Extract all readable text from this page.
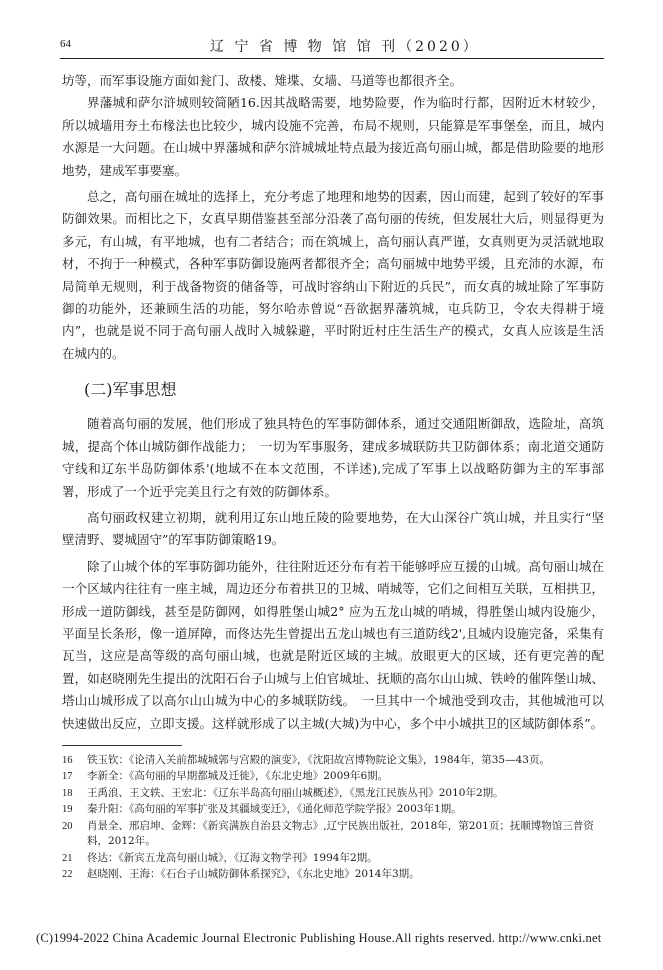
64	辽 宁 省 博 物 馆 馆 刊（2020）

坊等，而军事设施方面如瓮门、敌楼、雉堞、女墙、马道等也都很齐全。

界藩城和萨尔浒城则较简陋16.因其战略需要，地势险要，作为临时行都，因附近木材较少，所以城墙用夯土布椽法也比较少，城内设施不完善，布局不规则，只能算是军事堡垒，而且，城内水源是一大问题。在山城中界藩城和萨尔浒城城址特点最为接近高句丽山城，都是借助险要的地形地势，建成军事要塞。

总之，高句丽在城址的选择上，充分考虑了地理和地势的因素，因山而建，起到了较好的军事防御效果。而相比之下，女真早期借鉴甚至部分沿袭了高句丽的传统，但发展壮大后，则显得更为多元，有山城，有平地城，也有二者结合；而在筑城上，高句丽认真严谨，女真则更为灵活就地取材，不拘于一种模式，各种军事防御设施两者都很齐全；高句丽城中地势平缓，且充沛的水源，布局简单无规则，利于战备物资的储备等，可战时容纳山下附近的兵民”，而女真的城址除了军事防御的功能外，还兼顾生活的功能，努尔哈赤曾说“吾欲据界藩筑城，屯兵防卫，令农夫得耕于境内”，也就是说不同于高句丽人战时入城躲避，平时附近村庄生活生产的模式，女真人应该是生活在城内的。

(二)军事思想

随着高句丽的发展，他们形成了独具特色的军事防御体系，通过交通阻断御敌，选险址，高筑城，提高个体山城防御作战能力；　一切为军事服务，建成多城联防共卫防御体系；南北道交通防守线和辽东半岛防御体系'(地域不在本文范围，不详述),完成了军事上以战略防御为主的军事部署，形成了一个近乎完美且行之有效的防御体系。

高句丽政权建立初期，就利用辽东山地丘陵的险要地势，在大山深谷广筑山城，并且实行“坚壁清野、婴城固守”的军事防御策略19。

除了山城个体的军事防御功能外，往往附近还分布有若干能够呼应互援的山城。高句丽山城在一个区域内往往有一座主城，周边还分布着拱卫的卫城、哨城等，它们之间相互关联，互相拱卫，形成一道防御线，甚至是防御网，如得胜堡山城2° 应为五龙山城的哨城，得胜堡山城内设施少，平面呈长条形，像一道屏障，而佟达先生曾提出五龙山城也有三道防线2',且城内设施完备，采集有瓦当，这应是高等级的高句丽山城，也就是附近区域的主城。放眼更大的区域，还有更完善的配置，如赵晓刚先生提出的沈阳石台子山城与上伯官城址、抚顺的高尔山山城、铁岭的催阵堡山城、塔山山城形成了以高尔山山城为中心的多城联防线。　一旦其中一个城池受到攻击，其他城池可以快速做出反应，立即支援。这样就形成了以主城(大城)为中心，多个中小城拱卫的区域防御体系”。

16	铁玉钦：《论清入关前都城城郭与宫殿的演变》，《沈阳故宫博物院论文集》，1984年，第35—43页。
17	李新全：《高句丽的早期都城及迁徙》，《东北史地》2009年6期。
18	王禹浪、王文轶、王宏北：《辽东半岛高句丽山城概述》，《黑龙江民族丛刊》2010年2期。
19	秦升阳：《高句丽的军事扩张及其疆域变迁》，《通化师范学院学报》2003年1期。
20	肖景全、邢启坤、金辉：《新宾满族自治县文物志》,辽宁民族出版社，2018年，第201页；抚顺博物馆三普资料，2012年。
21	佟达：《新宾五龙高句丽山城》，《辽海文物学刊》1994年2期。
22	赵晓刚、王海：《石台子山城防御体系探究》，《东北史地》2014年3期。
(C)1994-2022 China Academic Journal Electronic Publishing House.All rights reserved. http://www.cnki.net
